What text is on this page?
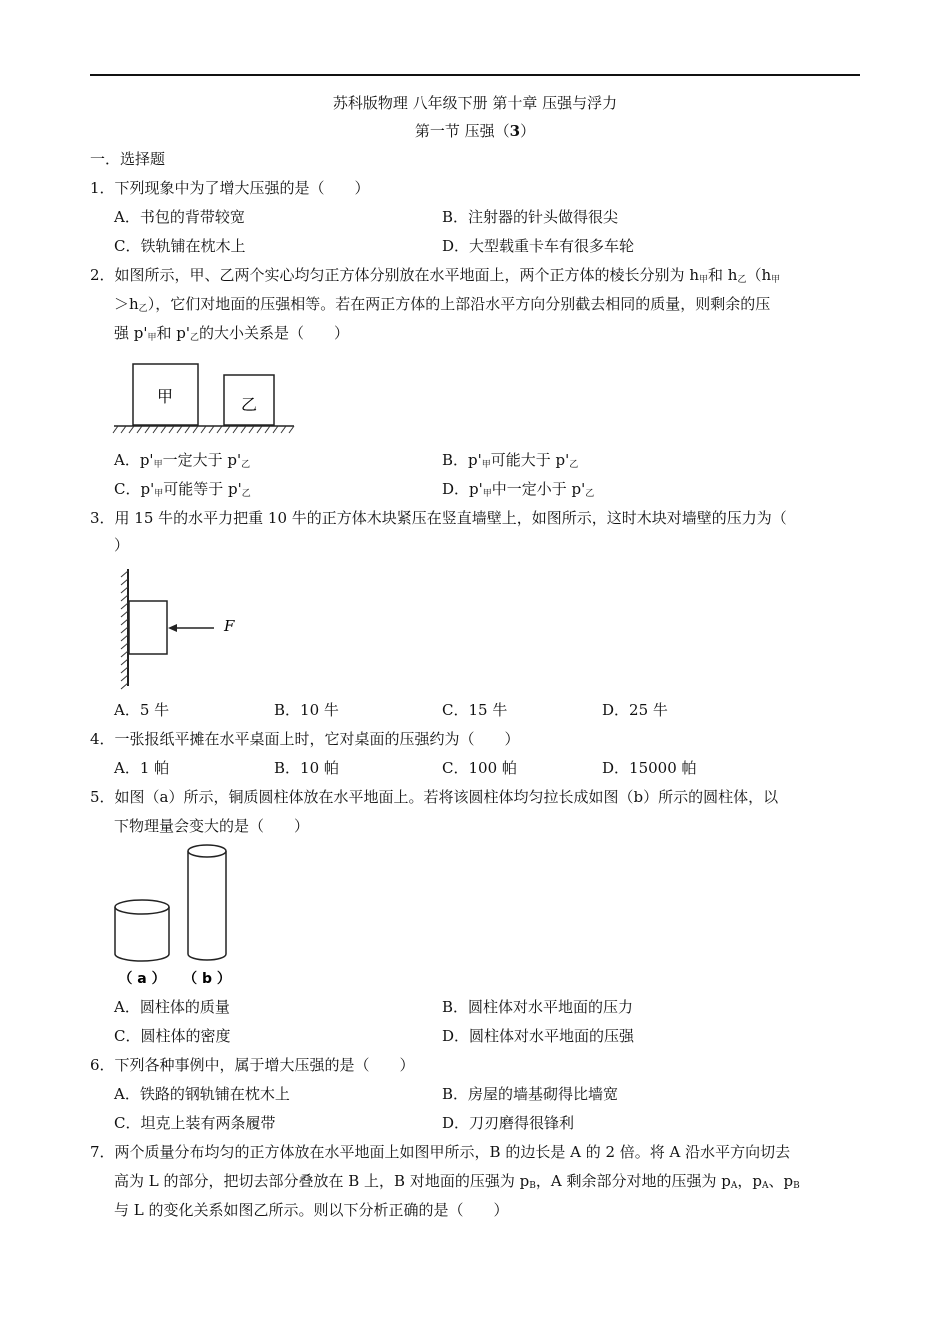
苏科版物理 八年级下册 第十章 压强与浮力
第一节 压强（3）
一．选择题
1．下列现象中为了增大压强的是（　　）
A．书包的背带较宽	B．注射器的针头做得很尖
C．铁轨铺在枕木上	D．大型载重卡车有很多车轮
2．如图所示，甲、乙两个实心均匀正方体分别放在水平地面上，两个正方体的棱长分别为 $h_甲$和 $h_乙(h_甲$
$>h_乙$），它们对地面的压强相等。若在两正方体的上部沿水平方向分别截去相同的质量，则剩余的压
强 $p'_甲$和 $p'_乙$的大小关系是（　　）
甲	乙
A．$p'_甲$一定大于 $p'_乙$	B．$p'_甲$可能大于 $p'_乙$
C．$p'_甲$可能等于 $p'_乙$	D．$p'_甲$中一定小于 $p'_乙$
3．用 15 牛的水平力把重 10 牛的正方体木块紧压在竖直墙壁上，如图所示，这时木块对墙壁的压力为（
）
F
A．5 牛	B．10 牛	C．15 牛	D．25 牛
4．一张报纸平摊在水平桌面上时，它对桌面的压强约为（　　）
A．1 帕	B．10 帕	C．100 帕	D．15000 帕
5．如图（a）所示，铜质圆柱体放在水平地面上。若将该圆柱体均匀拉长成如图（b）所示的圆柱体，以
下物理量会变大的是（　　）
（ a ） （ b ）
A．圆柱体的质量	B．圆柱体对水平地面的压力
C．圆柱体的密度	D．圆柱体对水平地面的压强
6．下列各种事例中，属于增大压强的是（　　）
A．铁路的钢轨铺在枕木上	B．房屋的墙基砌得比墙宽
C．坦克上装有两条履带	D．刀刃磨得很锋利
7．两个质量分布均匀的正方体放在水平地面上如图甲所示，B 的边长是 A 的 2 倍。将 A 沿水平方向切去
高为 L 的部分，把切去部分叠放在 B 上，B 对地面的压强为 $p_B$，A 剩余部分对地的压强为 $p_A$，$p_A$、$p_B$
与 L 的变化关系如图乙所示。则以下分析正确的是（　　）
